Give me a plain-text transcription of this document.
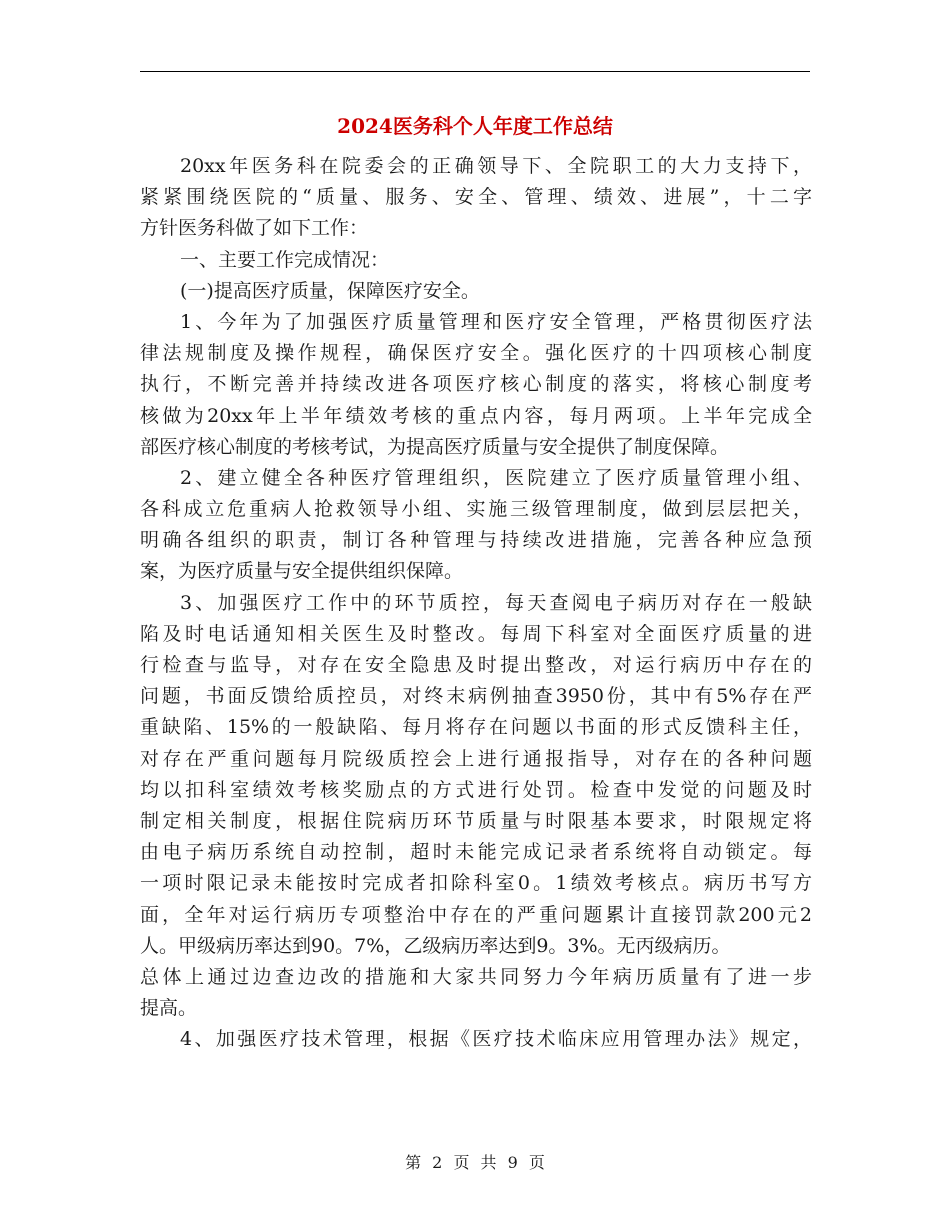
2024医务科个人年度工作总结
20xx年医务科在院委会的正确领导下、全院职工的大力支持下，
紧紧围绕医院的“质量、服务、安全、管理、绩效、进展”，十二字
方针医务科做了如下工作：
一、主要工作完成情况：
(一)提高医疗质量，保障医疗安全。
1、今年为了加强医疗质量管理和医疗安全管理，严格贯彻医疗法
律法规制度及操作规程，确保医疗安全。强化医疗的十四项核心制度
执行，不断完善并持续改进各项医疗核心制度的落实，将核心制度考
核做为20xx年上半年绩效考核的重点内容，每月两项。上半年完成全
部医疗核心制度的考核考试，为提高医疗质量与安全提供了制度保障。
2、建立健全各种医疗管理组织，医院建立了医疗质量管理小组、
各科成立危重病人抢救领导小组、实施三级管理制度，做到层层把关，
明确各组织的职责，制订各种管理与持续改进措施，完善各种应急预
案，为医疗质量与安全提供组织保障。
3、加强医疗工作中的环节质控，每天查阅电子病历对存在一般缺
陷及时电话通知相关医生及时整改。每周下科室对全面医疗质量的进
行检查与监导，对存在安全隐患及时提出整改，对运行病历中存在的
问题，书面反馈给质控员，对终末病例抽查3950份，其中有5%存在严
重缺陷、15%的一般缺陷、每月将存在问题以书面的形式反馈科主任，
对存在严重问题每月院级质控会上进行通报指导，对存在的各种问题
均以扣科室绩效考核奖励点的方式进行处罚。检查中发觉的问题及时
制定相关制度，根据住院病历环节质量与时限基本要求，时限规定将
由电子病历系统自动控制，超时未能完成记录者系统将自动锁定。每
一项时限记录未能按时完成者扣除科室0。1绩效考核点。病历书写方
面，全年对运行病历专项整治中存在的严重问题累计直接罚款200元2
人。甲级病历率达到90。7%，乙级病历率达到9。3%。无丙级病历。
总体上通过边查边改的措施和大家共同努力今年病历质量有了进一步
提高。
4、加强医疗技术管理，根据《医疗技术临床应用管理办法》规定，
第 2 页 共 9 页
